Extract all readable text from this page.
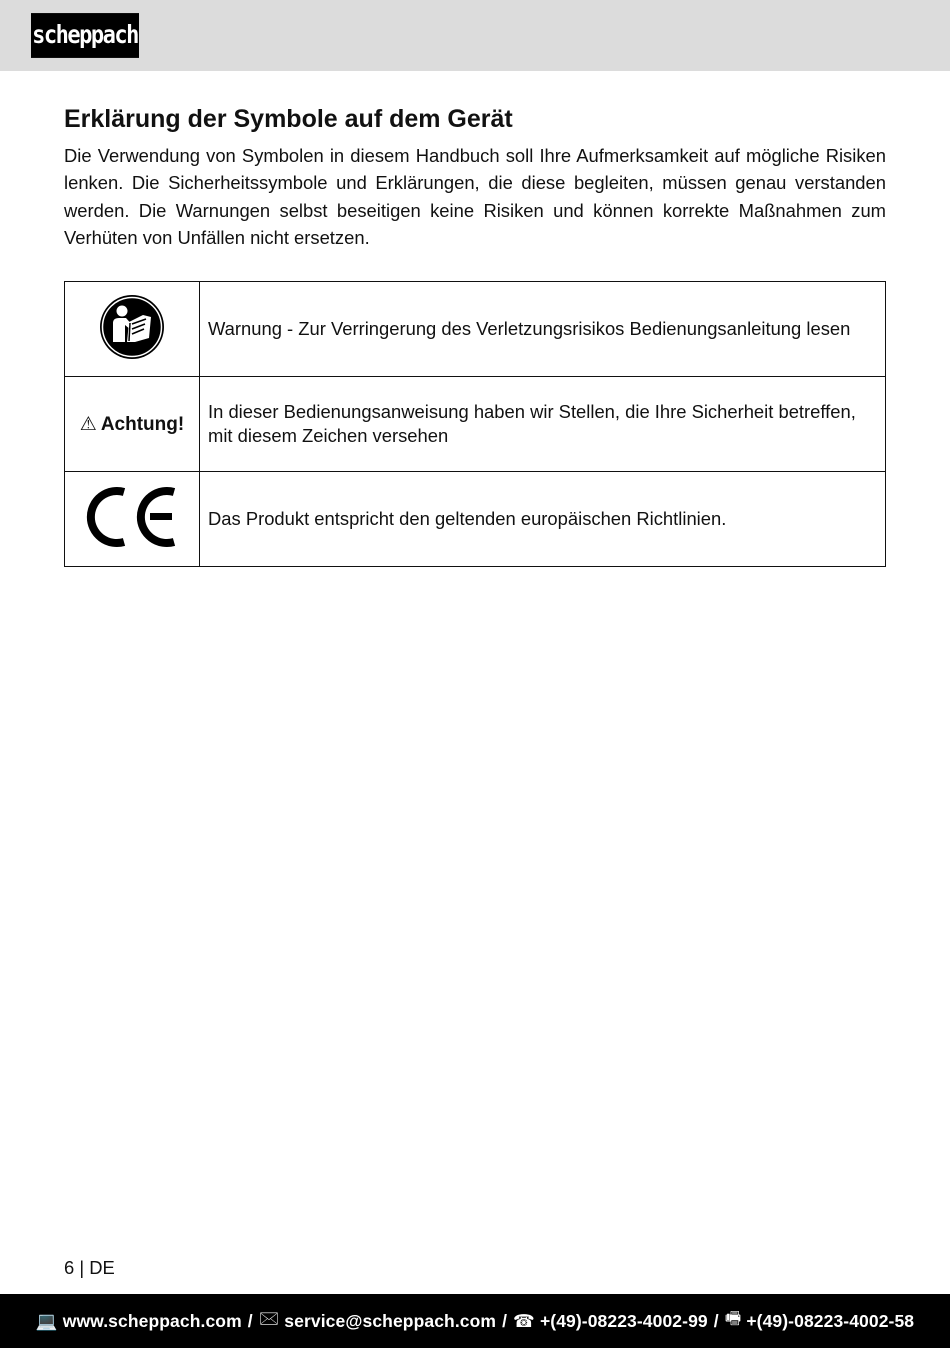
scheppach
Erklärung der Symbole auf dem Gerät
Die Verwendung von Symbolen in diesem Handbuch soll Ihre Aufmerksamkeit auf mögliche Risiken lenken. Die Sicherheitssymbole und Erklärungen, die diese begleiten, müssen genau verstanden werden. Die Warnungen selbst beseitigen keine Risiken und können korrekte Maßnahmen zum Verhüten von Unfällen nicht ersetzen.
	Warnung - Zur Verringerung des Verletzungsrisikos Bedienungsanleitung lesen
⚠ Achtung!	In dieser Bedienungsanweisung haben wir Stellen, die Ihre Sicherheit betreffen, mit diesem Zeichen versehen
	Das Produkt entspricht den geltenden europäischen Richtlinien.
6 | DE
💻 www.scheppach.com / 🖂 service@scheppach.com / ☎ +(49)-08223-4002-99 / 🖷 +(49)-08223-4002-58
